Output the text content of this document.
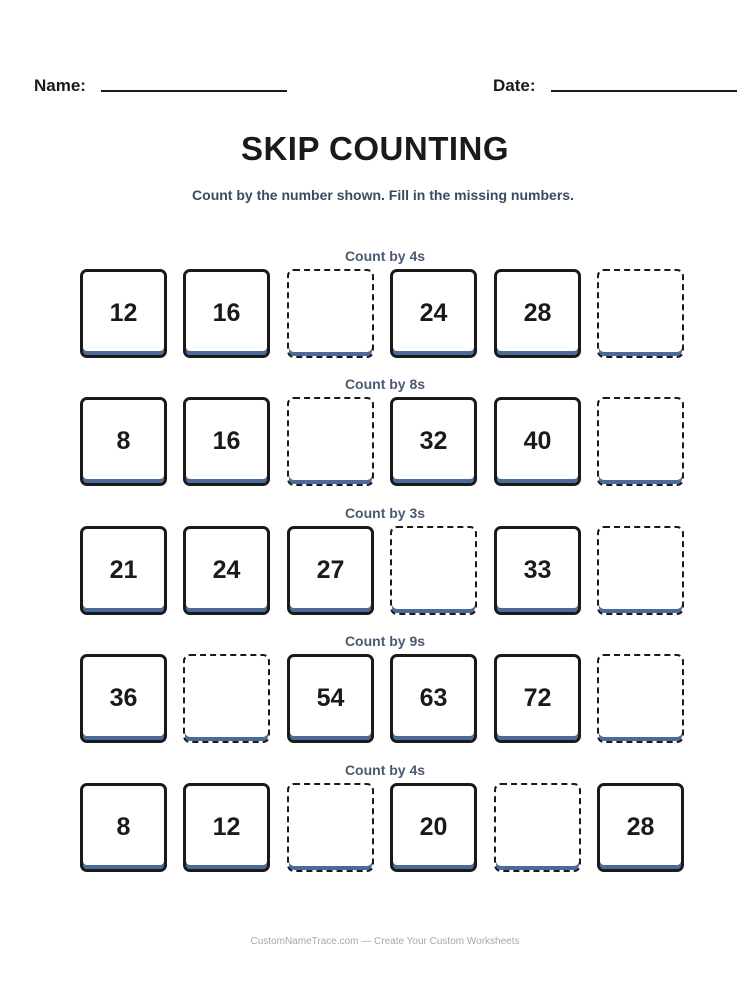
Name:	Date:
SKIP COUNTING
Count by the number shown. Fill in the missing numbers.
Count by 4s
12	16	24	28
Count by 8s
8	16	32	40
Count by 3s
21	24	27	33
Count by 9s
36	54	63	72
Count by 4s
8	12	20	28
CustomNameTrace.com — Create Your Custom Worksheets
